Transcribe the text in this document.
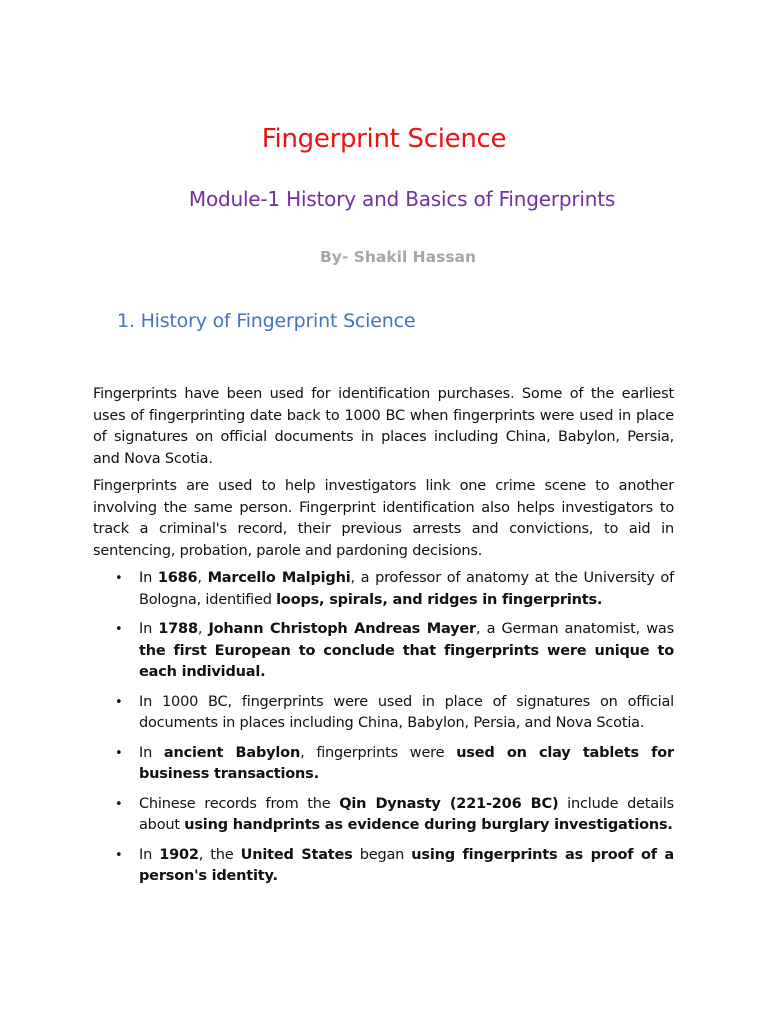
Fingerprint Science
Module-1 History and Basics of Fingerprints
By- Shakil Hassan
1. History of Fingerprint Science

Fingerprints have been used for identification purchases. Some of the earliest uses of fingerprinting date back to 1000 BC when fingerprints were used in place of signatures on official documents in places including China, Babylon, Persia, and Nova Scotia.

Fingerprints are used to help investigators link one crime scene to another involving the same person. Fingerprint identification also helps investigators to track a criminal's record, their previous arrests and convictions, to aid in sentencing, probation, parole and pardoning decisions.

• In 1686, Marcello Malpighi, a professor of anatomy at the University of Bologna, identified loops, spirals, and ridges in fingerprints.
• In 1788, Johann Christoph Andreas Mayer, a German anatomist, was the first European to conclude that fingerprints were unique to each individual.
• In 1000 BC, fingerprints were used in place of signatures on official documents in places including China, Babylon, Persia, and Nova Scotia.
• In ancient Babylon, fingerprints were used on clay tablets for business transactions.
• Chinese records from the Qin Dynasty (221-206 BC) include details about using handprints as evidence during burglary investigations.
• In 1902, the United States began using fingerprints as proof of a person's identity.
